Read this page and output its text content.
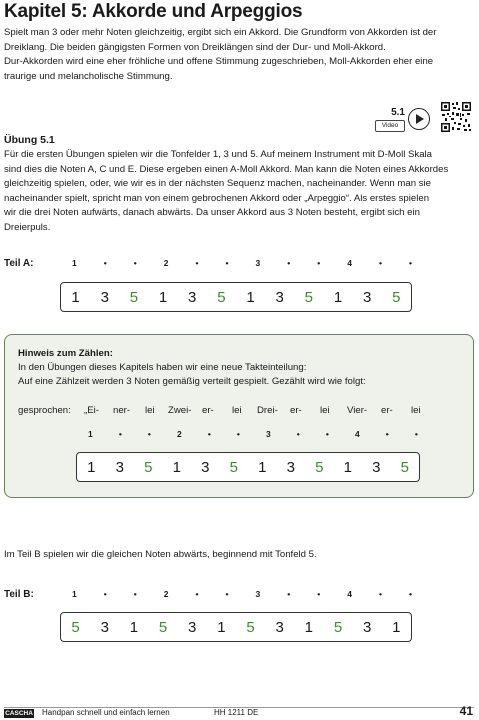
Kapitel 5: Akkorde und Arpeggios
Spielt man 3 oder mehr Noten gleichzeitig, ergibt sich ein Akkord. Die Grundform von Akkorden ist der
Dreiklang. Die beiden gängigsten Formen von Dreiklängen sind der Dur- und Moll-Akkord.
Dur-Akkorden wird eine eher fröhliche und offene Stimmung zugeschrieben, Moll-Akkorden eher eine
traurige und melancholische Stimmung.
5.1
Video
Übung 5.1
Für die ersten Übungen spielen wir die Tonfelder 1, 3 und 5. Auf meinem Instrument mit D-Moll Skala
sind dies die Noten A, C und E. Diese ergeben einen A-Moll Akkord. Man kann die Noten eines Akkordes
gleichzeitig spielen, oder, wie wir es in der nächsten Sequenz machen, nacheinander. Wenn man sie
nacheinander spielt, spricht man von einem gebrochenen Akkord oder „Arpeggio“. Als erstes spielen
wir die drei Noten aufwärts, danach abwärts. Da unser Akkord aus 3 Noten besteht, ergibt sich ein
Dreierpuls.
Teil A:	1	•	•	2	•	•	3	•	•	4	•	•
1 3 5 1 3 5 1 3 5 1 3 5
Hinweis zum Zählen:
In den Übungen dieses Kapitels haben wir eine neue Takteinteilung:
Auf eine Zählzeit werden 3 Noten gemäßig verteilt gespielt. Gezählt wird wie folgt:
gesprochen: „Ei- ner- lei Zwei- er- lei Drei- er- lei Vier- er- lei
1	•	•	2	•	•	3	•	•	4	•	•
1 3 5 1 3 5 1 3 5 1 3 5
Im Teil B spielen wir die gleichen Noten abwärts, beginnend mit Tonfeld 5.
Teil B:	1	•	•	2	•	•	3	•	•	4	•	•
5 3 1 5 3 1 5 3 1 5 3 1
CASCHA Handpan schnell und einfach lernen	HH 1211 DE	41
